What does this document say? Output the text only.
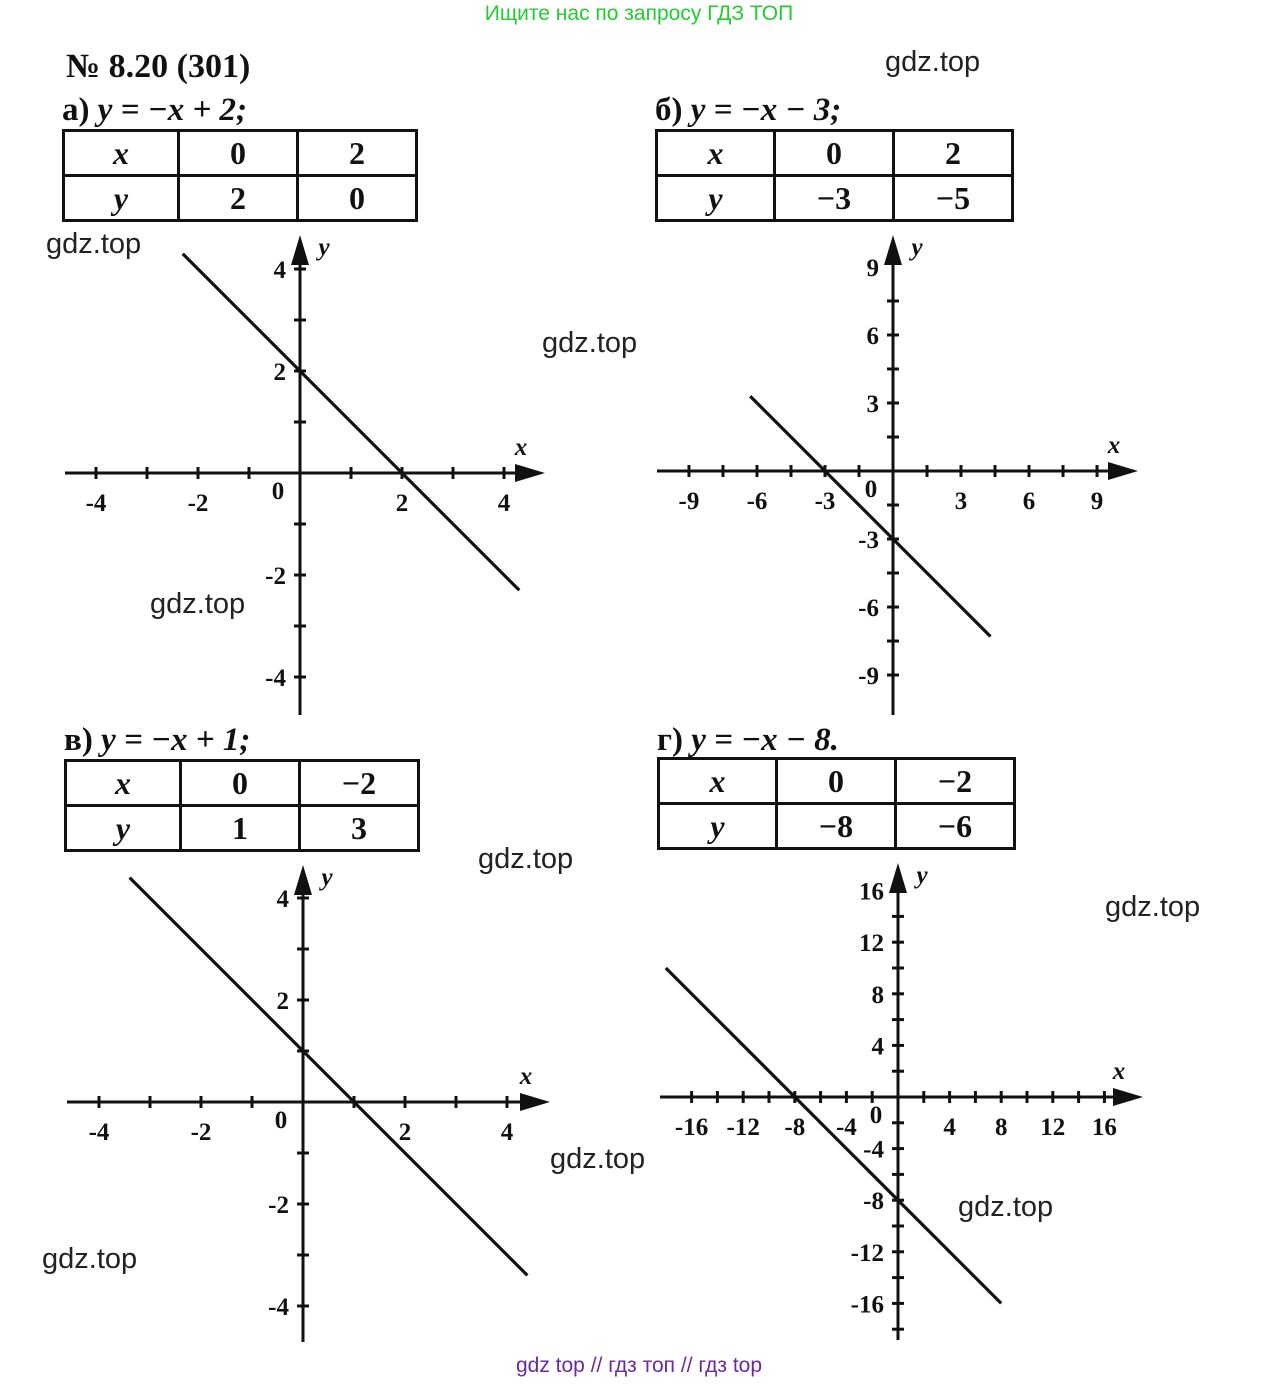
Ищите нас по запросу ГДЗ ТОП
№ 8.20 (301)
а) y = −x + 2;
x	0	2
y	2	0
б) y = −x − 3;
x	0	2
y	−3	−5
в) y = −x + 1;
x	0	−2
y	1	3
г) y = −x − 8.
x	0	−2
y	−8	−6
-4	-2	0	2	4
4
2
-2
-4
x
y
-9 -6 -3 0	3 6 9
9
6
3
-3
-6
-9
x
y
-4	-2	0	2	4
4
2
-2
-4
x
y
-16 -12 -8 -4 0 4 8 12 16
16
12
8
4
-4
-8
-12
-16
x
y
gdz.top
gdz.top
gdz.top
gdz.top
gdz.top
gdz.top
gdz.top
gdz.top
gdz.top
gdz top // гдз топ // гдз top
